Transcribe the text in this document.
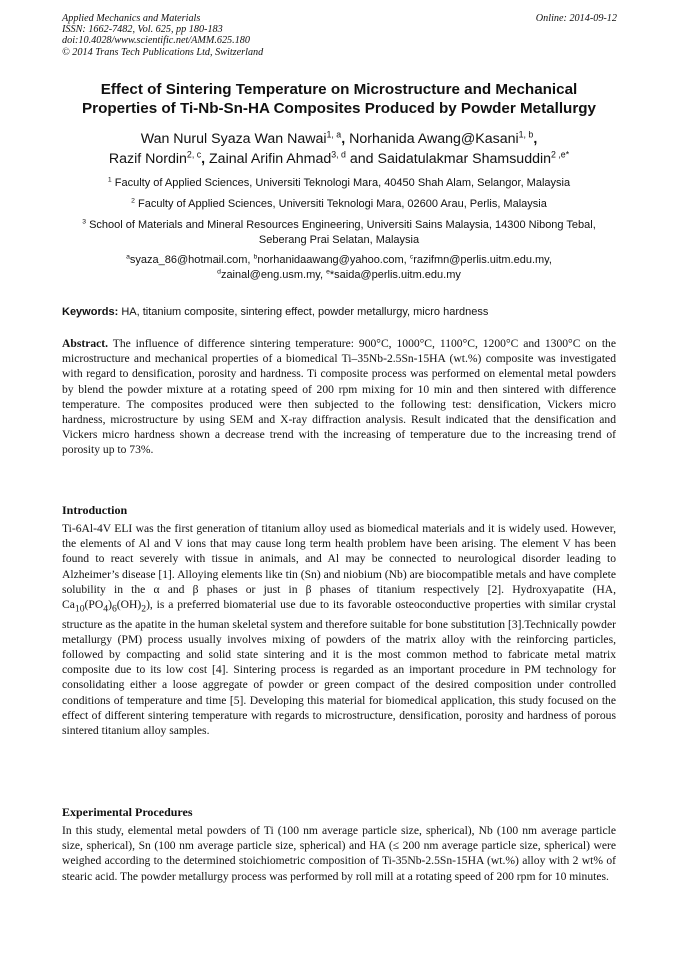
Applied Mechanics and Materials
ISSN: 1662-7482, Vol. 625, pp 180-183
doi:10.4028/www.scientific.net/AMM.625.180
© 2014 Trans Tech Publications Ltd, Switzerland
Online: 2014-09-12
Effect of Sintering Temperature on Microstructure and Mechanical
Properties of Ti-Nb-Sn-HA Composites Produced by Powder Metallurgy
Wan Nurul Syaza Wan Nawai$^{1, a}$, Norhanida Awang@Kasani$^{1, b}$,
Razif Nordin$^{2, c}$, Zainal Arifin Ahmad$^{3, d}$ and Saidatulakmar Shamsuddin$^{2 ,e*}$
$^1$ Faculty of Applied Sciences, Universiti Teknologi Mara, 40450 Shah Alam, Selangor, Malaysia
$^2$ Faculty of Applied Sciences, Universiti Teknologi Mara, 02600 Arau, Perlis, Malaysia
$^3$ School of Materials and Mineral Resources Engineering, Universiti Sains Malaysia, 14300 Nibong Tebal, Seberang Prai Selatan, Malaysia
$^a$syaza_86@hotmail.com, $^b$norhanidaawang@yahoo.com, $^c$razifmn@perlis.uitm.edu.my,
$^d$zainal@eng.usm.my, $^e$*saida@perlis.uitm.edu.my
Keywords: HA, titanium composite, sintering effect, powder metallurgy, micro hardness
Abstract. The influence of difference sintering temperature: 900°C, 1000°C, 1100°C, 1200°C and 1300°C on the microstructure and mechanical properties of a biomedical Ti–35Nb-2.5Sn-15HA (wt.%) composite was investigated with regard to densification, porosity and hardness. Ti composite process was performed on elemental metal powders by blend the powder mixture at a rotating speed of 200 rpm mixing for 10 min and then sintered with difference temperature. The composites produced were then subjected to the following test: densification, Vickers micro hardness, microstructure by using SEM and X-ray diffraction analysis. Result indicated that the densification and Vickers micro hardness shown a decrease trend with the increasing of temperature due to the increasing trend of porosity up to 73%.
Introduction
Ti-6Al-4V ELI was the first generation of titanium alloy used as biomedical materials and it is widely used. However, the elements of Al and V ions that may cause long term health problem have been arising. The element V has been found to react severely with tissue in animals, and Al may be connected to neurological disorder leading to Alzheimer’s disease [1]. Alloying elements like tin (Sn) and niobium (Nb) are biocompatible metals and have complete solubility in the α and β phases or just in β phases of titanium respectively [2]. Hydroxyapatite (HA, $Ca_{10}(PO_4)_6(OH)_2$), is a preferred biomaterial use due to its favorable osteoconductive properties with similar crystal structure as the apatite in the human skeletal system and therefore suitable for bone substitution [3].Technically powder metallurgy (PM) process usually involves mixing of powders of the matrix alloy with the reinforcing particles, followed by compacting and solid state sintering and it is the most common method to fabricate metal matrix composite due to its low cost [4]. Sintering process is regarded as an important procedure in PM technology for consolidating either a loose aggregate of powder or green compact of the desired composition under controlled conditions of temperature and time [5]. Developing this material for biomedical application, this study focused on the effect of different sintering temperature with regards to microstructure, densification, porosity and hardness of porous sintered titanium alloy samples.
Experimental Procedures
In this study, elemental metal powders of Ti (100 nm average particle size, spherical), Nb (100 nm average particle size, spherical), Sn (100 nm average particle size, spherical) and HA (≤ 200 nm average particle size, spherical) were weighed according to the determined stoichiometric composition of Ti-35Nb-2.5Sn-15HA (wt.%) alloy with 2 wt% of stearic acid. The powder metallurgy process was performed by roll mill at a rotating speed of 200 rpm for 10 minutes.
